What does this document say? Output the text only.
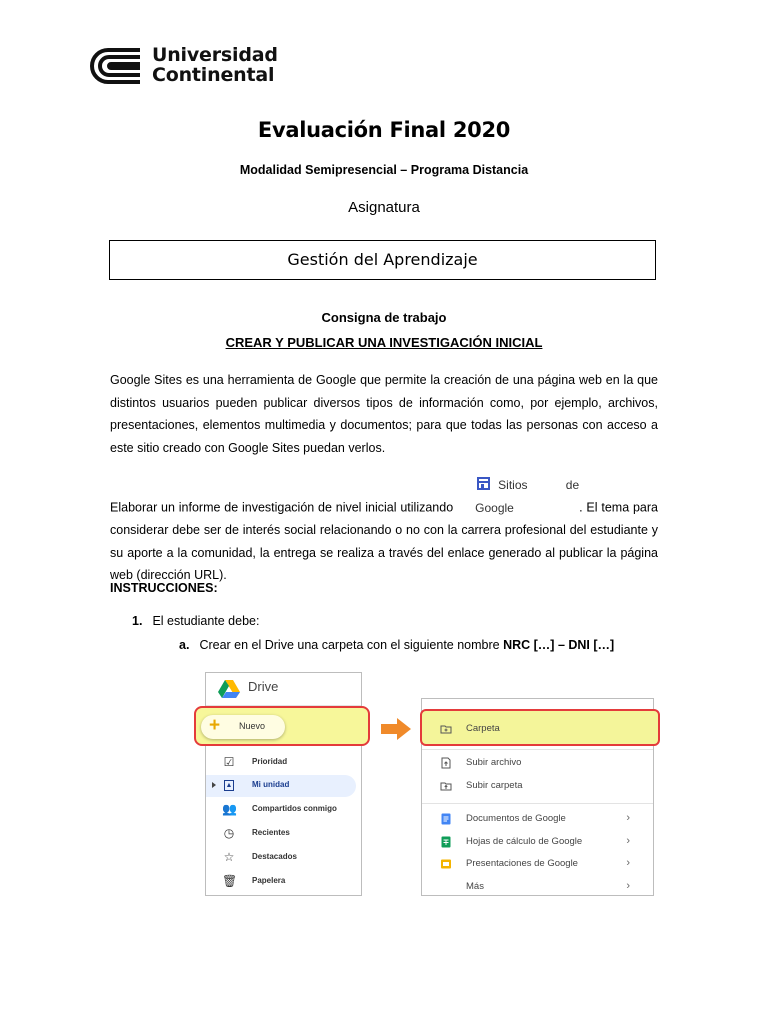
Universidad
Continental
Evaluación Final 2020
Modalidad Semipresencial – Programa Distancia
Asignatura
Gestión del Aprendizaje
Consigna de trabajo
CREAR Y PUBLICAR UNA INVESTIGACIÓN INICIAL

Google Sites es una herramienta de Google que permite la creación de una página web en la que distintos usuarios pueden publicar diversos tipos de información como, por ejemplo, archivos, presentaciones, elementos multimedia y documentos; para que todas las personas con acceso a este sitio creado con Google Sites puedan verlos.

Elaborar un informe de investigación de nivel inicial utilizandoSitios de Google	. El tema para considerar debe ser de interés social relacionando o no con la carrera profesional del estudiante y su aporte a la comunidad, la entrega se realiza a través del enlace generado al publicar la página web (dirección URL).

INSTRUCCIONES:
1. El estudiante debe:
a. Crear en el Drive una carpeta con el siguiente nombre NRC […] – DNI […]
Drive
+ Nuevo
☑ Prioridad
▲ Mi unidad
👥 Compartidos conmigo
◷ Recientes
☆ Destacados
🗑 Papelera
Carpeta
Subir archivo
Subir carpeta
Documentos de Google	›
Hojas de cálculo de Google	›
Presentaciones de Google	›
Más	›
